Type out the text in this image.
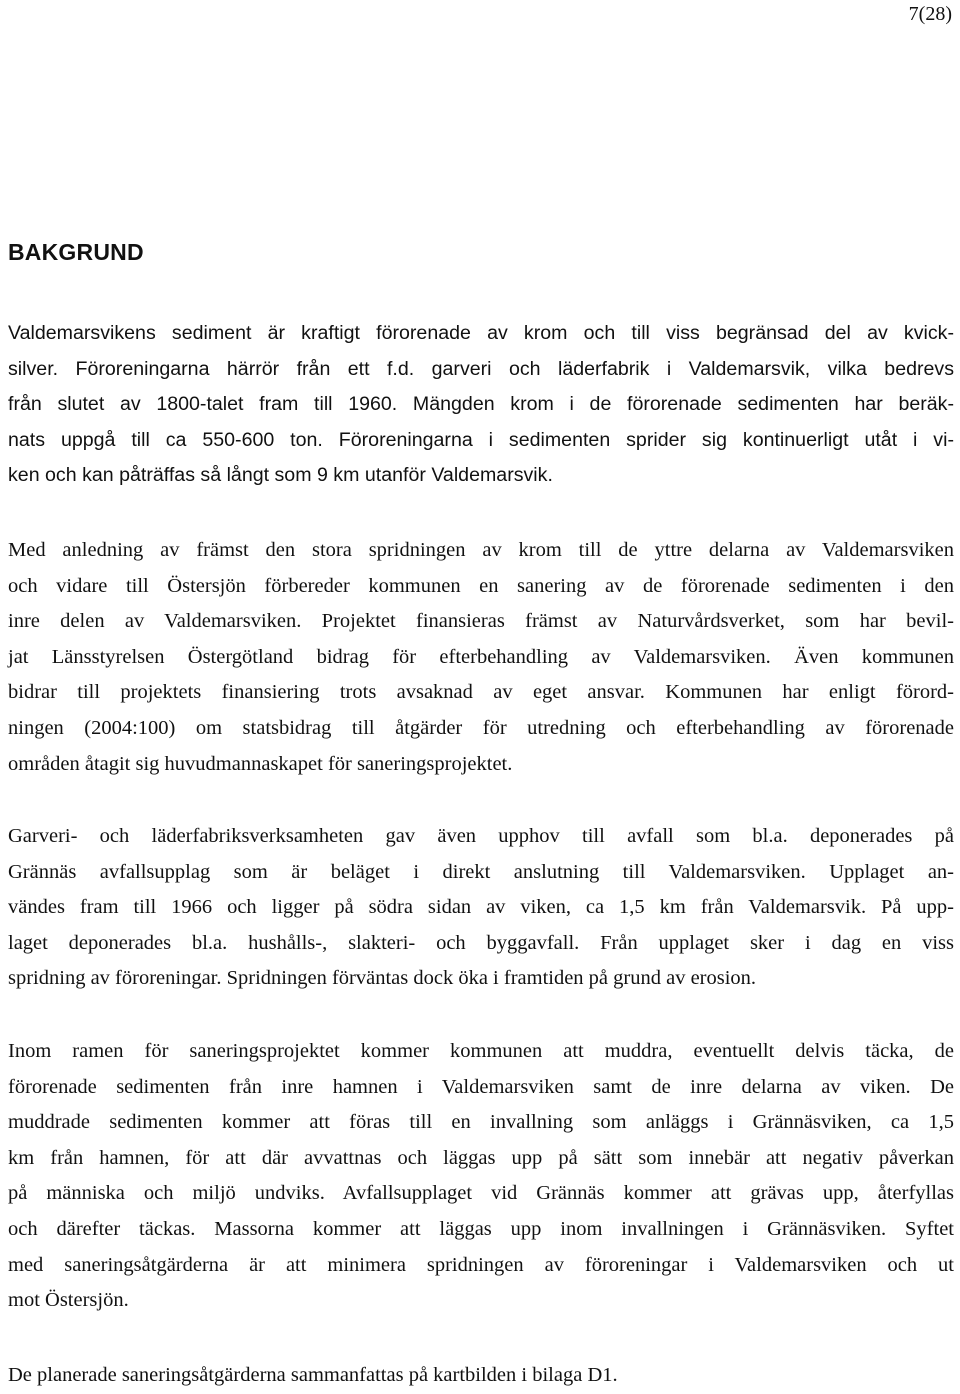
7(28)
BAKGRUND

Valdemarsvikens sediment är kraftigt förorenade av krom och till viss begränsad del av kvick-
silver. Föroreningarna härrör från ett f.d. garveri och läderfabrik i Valdemarsvik, vilka bedrevs
från slutet av 1800-talet fram till 1960. Mängden krom i de förorenade sedimenten har beräk-
nats uppgå till ca 550-600 ton. Föroreningarna i sedimenten sprider sig kontinuerligt utåt i vi-
ken och kan påträffas så långt som 9 km utanför Valdemarsvik.

Med anledning av främst den stora spridningen av krom till de yttre delarna av Valdemarsviken
och vidare till Östersjön förbereder kommunen en sanering av de förorenade sedimenten i den
inre delen av Valdemarsviken. Projektet finansieras främst av Naturvårdsverket, som har bevil-
jat Länsstyrelsen Östergötland bidrag för efterbehandling av Valdemarsviken. Även kommunen
bidrar till projektets finansiering trots avsaknad av eget ansvar. Kommunen har enligt förord-
ningen (2004:100) om statsbidrag till åtgärder för utredning och efterbehandling av förorenade
områden åtagit sig huvudmannaskapet för saneringsprojektet.

Garveri- och läderfabriksverksamheten gav även upphov till avfall som bl.a. deponerades på
Grännäs avfallsupplag som är beläget i direkt anslutning till Valdemarsviken. Upplaget an-
vändes fram till 1966 och ligger på södra sidan av viken, ca 1,5 km från Valdemarsvik. På upp-
laget deponerades bl.a. hushålls-, slakteri- och byggavfall. Från upplaget sker i dag en viss
spridning av föroreningar. Spridningen förväntas dock öka i framtiden på grund av erosion.

Inom ramen för saneringsprojektet kommer kommunen att muddra, eventuellt delvis täcka, de
förorenade sedimenten från inre hamnen i Valdemarsviken samt de inre delarna av viken. De
muddrade sedimenten kommer att föras till en invallning som anläggs i Grännäsviken, ca 1,5
km från hamnen, för att där avvattnas och läggas upp på sätt som innebär att negativ påverkan
på människa och miljö undviks. Avfallsupplaget vid Grännäs kommer att grävas upp, återfyllas
och därefter täckas. Massorna kommer att läggas upp inom invallningen i Grännäsviken. Syftet
med saneringsåtgärderna är att minimera spridningen av föroreningar i Valdemarsviken och ut
mot Östersjön.

De planerade saneringsåtgärderna sammanfattas på kartbilden i bilaga D1.
